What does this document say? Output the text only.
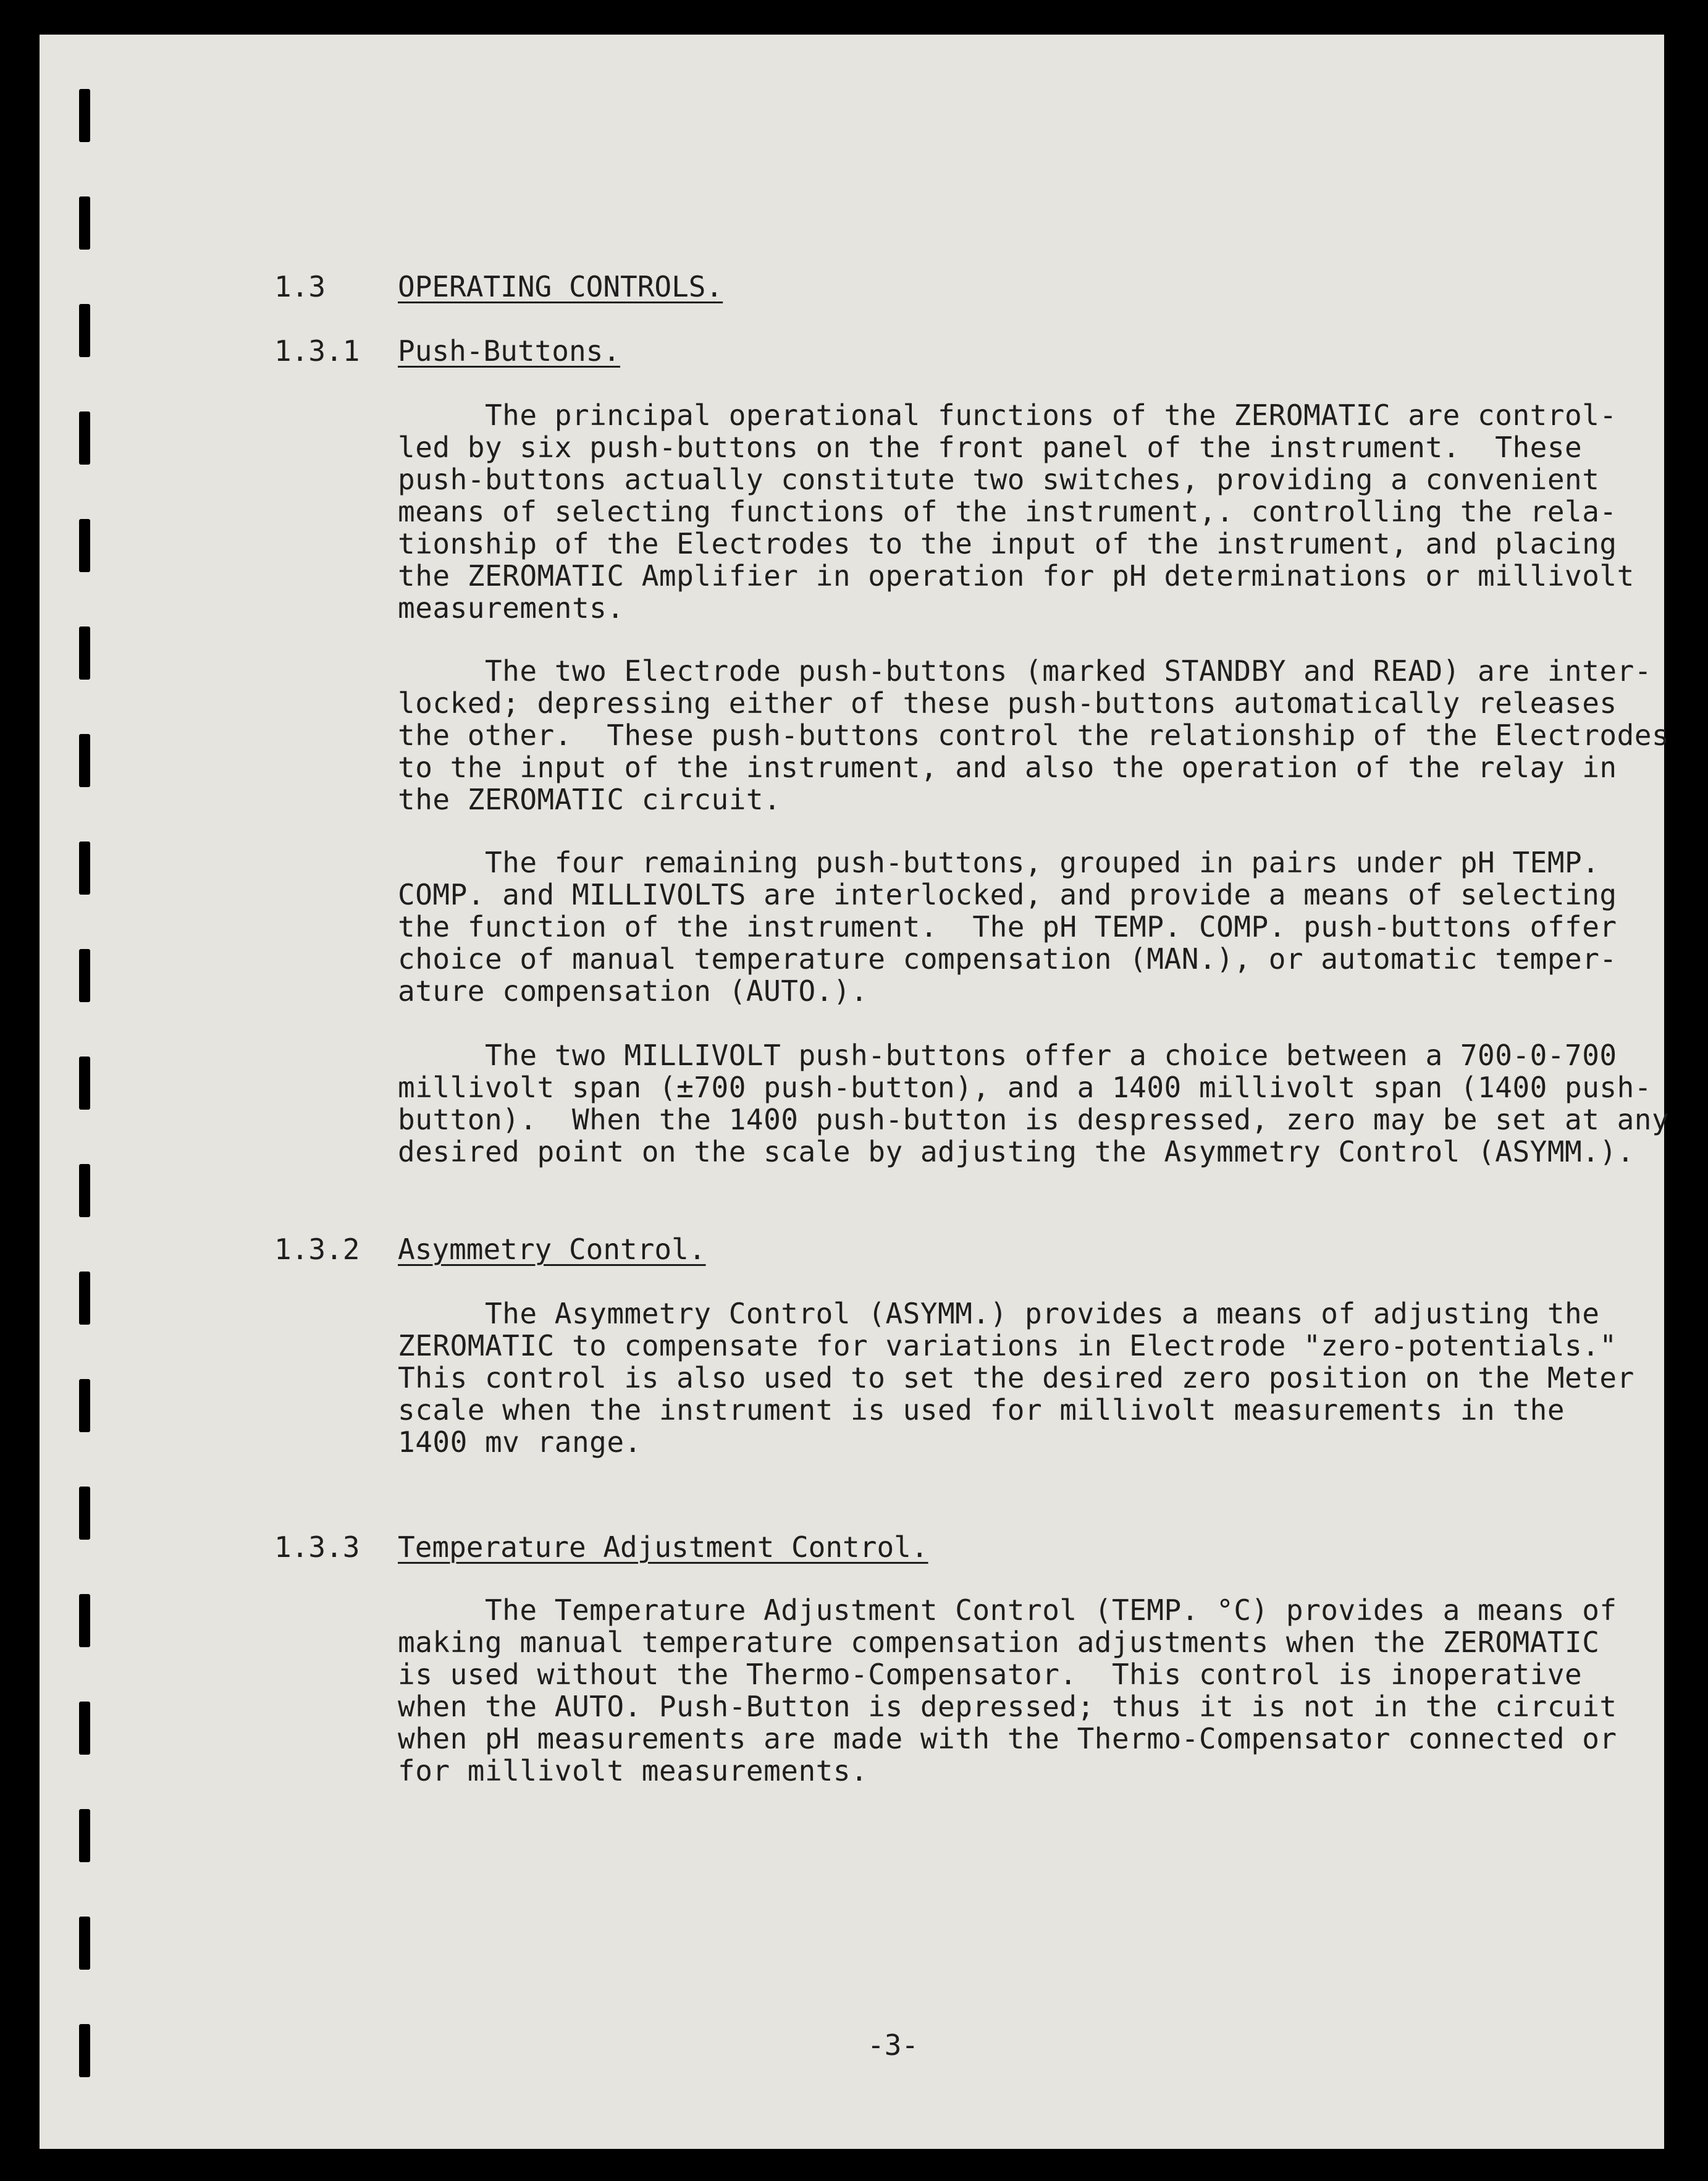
1.3	OPERATING CONTROLS.
1.3.1 Push-Buttons.
The principal operational functions of the ZEROMATIC are control-
led by six push-buttons on the front panel of the instrument.  These
push-buttons actually constitute two switches, providing a convenient
means of selecting functions of the instrument,. controlling the rela-
tionship of the Electrodes to the input of the instrument, and placing
the ZEROMATIC Amplifier in operation for pH determinations or millivolt
measurements.
The two Electrode push-buttons (marked STANDBY and READ) are inter-
locked; depressing either of these push-buttons automatically releases
the other.  These push-buttons control the relationship of the Electrodes
to the input of the instrument, and also the operation of the relay in
the ZEROMATIC circuit.
The four remaining push-buttons, grouped in pairs under pH TEMP.
COMP. and MILLIVOLTS are interlocked, and provide a means of selecting
the function of the instrument.  The pH TEMP. COMP. push-buttons offer
choice of manual temperature compensation (MAN.), or automatic temper-
ature compensation (AUTO.).
The two MILLIVOLT push-buttons offer a choice between a 700-0-700
millivolt span (±700 push-button), and a 1400 millivolt span (1400 push-
button).  When the 1400 push-button is despressed, zero may be set at any
desired point on the scale by adjusting the Asymmetry Control (ASYMM.).
1.3.2 Asymmetry Control.
The Asymmetry Control (ASYMM.) provides a means of adjusting the
ZEROMATIC to compensate for variations in Electrode "zero-potentials."
This control is also used to set the desired zero position on the Meter
scale when the instrument is used for millivolt measurements in the
1400 mv range.
1.3.3 Temperature Adjustment Control.
The Temperature Adjustment Control (TEMP. °C) provides a means of
making manual temperature compensation adjustments when the ZEROMATIC
is used without the Thermo-Compensator.  This control is inoperative
when the AUTO. Push-Button is depressed; thus it is not in the circuit
when pH measurements are made with the Thermo-Compensator connected or
for millivolt measurements.
-3-
